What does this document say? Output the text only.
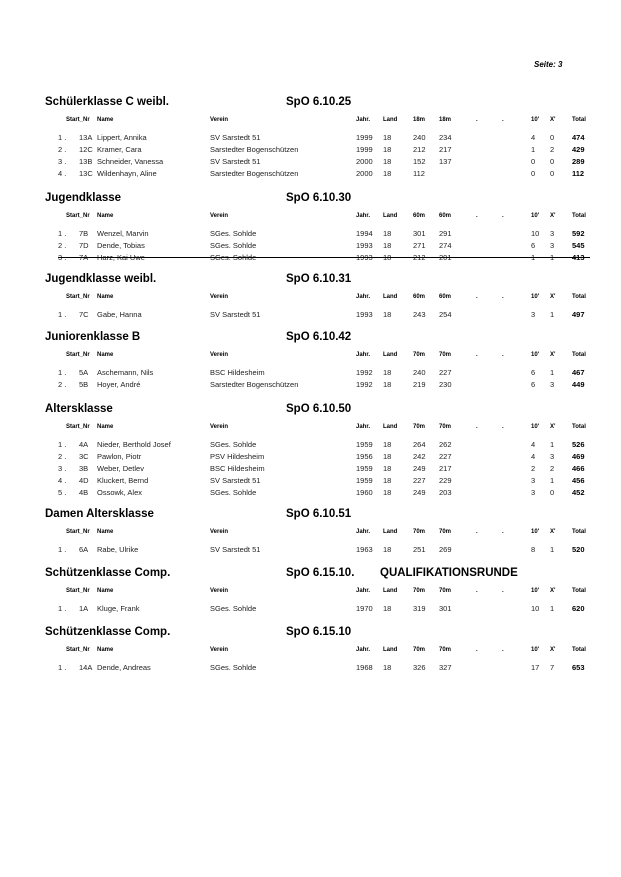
Seite: 3
Schülerklasse C weibl.	SpO 6.10.25
Start_Nr Name	Verein	Jahr. Land	18m 18m	.	.	10' X'	Total
1 . 13A Lippert, Annika	SV Sarstedt 51	1999 18	240 234	4 0 474
2 . 12C Kramer, Cara	Sarstedter Bogenschützen	1999 18	212 217	1 2 429
3 . 13B Schneider, Vanessa	SV Sarstedt 51	2000 18	152 137	0 0 289
4 . 13C Wildenhayn, Aline	Sarstedter Bogenschützen	2000 18	112	0 0 112
Jugendklasse	SpO 6.10.30
Start_Nr Name	Verein	Jahr. Land	60m 60m	.	.	10' X'	Total
1 . 7B Wenzel, Marvin	SGes. Sohlde	1994 18	301 291	10 3 592
2 . 7D Dende, Tobias	SGes. Sohlde	1993 18	271 274	6 3 545
3 . 7A Harz, Kai Uwe	SGes. Sohlde	1993 18	212 201	1 1 413
Jugendklasse weibl.	SpO 6.10.31
Start_Nr Name	Verein	Jahr. Land	60m 60m	.	.	10' X'	Total
1 . 7C Gabe, Hanna	SV Sarstedt 51	1993 18	243 254	3 1 497
Juniorenklasse B	SpO 6.10.42
Start_Nr Name	Verein	Jahr. Land	70m 70m	.	.	10' X'	Total
1 . 5A Aschemann, Nils	BSC Hildesheim	1992 18	240 227	6 1 467
2 . 5B Hoyer, André	Sarstedter Bogenschützen	1992 18	219 230	6 3 449
Altersklasse	SpO 6.10.50
Start_Nr Name	Verein	Jahr. Land	70m 70m	.	.	10' X'	Total
1 . 4A Nieder, Berthold Josef	SGes. Sohlde	1959 18	264 262	4 1 526
2 . 3C Pawlon, Piotr	PSV Hildesheim	1956 18	242 227	4 3 469
3 . 3B Weber, Detlev	BSC Hildesheim	1959 18	249 217	2 2 466
4 . 4D Kluckert, Bernd	SV Sarstedt 51	1959 18	227 229	3 1 456
5 . 4B Ossowk, Alex	SGes. Sohlde	1960 18	249 203	3 0 452
Damen Altersklasse	SpO 6.10.51
Start_Nr Name	Verein	Jahr. Land	70m 70m	.	.	10' X'	Total
1 . 6A Rabe, Ulrike	SV Sarstedt 51	1963 18	251 269	8 1 520
Schützenklasse Comp.	SpO 6.15.10. QUALIFIKATIONSRUNDE
Start_Nr Name	Verein	Jahr. Land	70m 70m	.	.	10' X'	Total
1 . 1A Kluge, Frank	SGes. Sohlde	1970 18	319 301	10 1 620
Schützenklasse Comp.	SpO 6.15.10
Start_Nr Name	Verein	Jahr. Land	70m 70m	.	.	10' X'	Total
1 . 14A Dende, Andreas	SGes. Sohlde	1968 18	326 327	17 7 653
